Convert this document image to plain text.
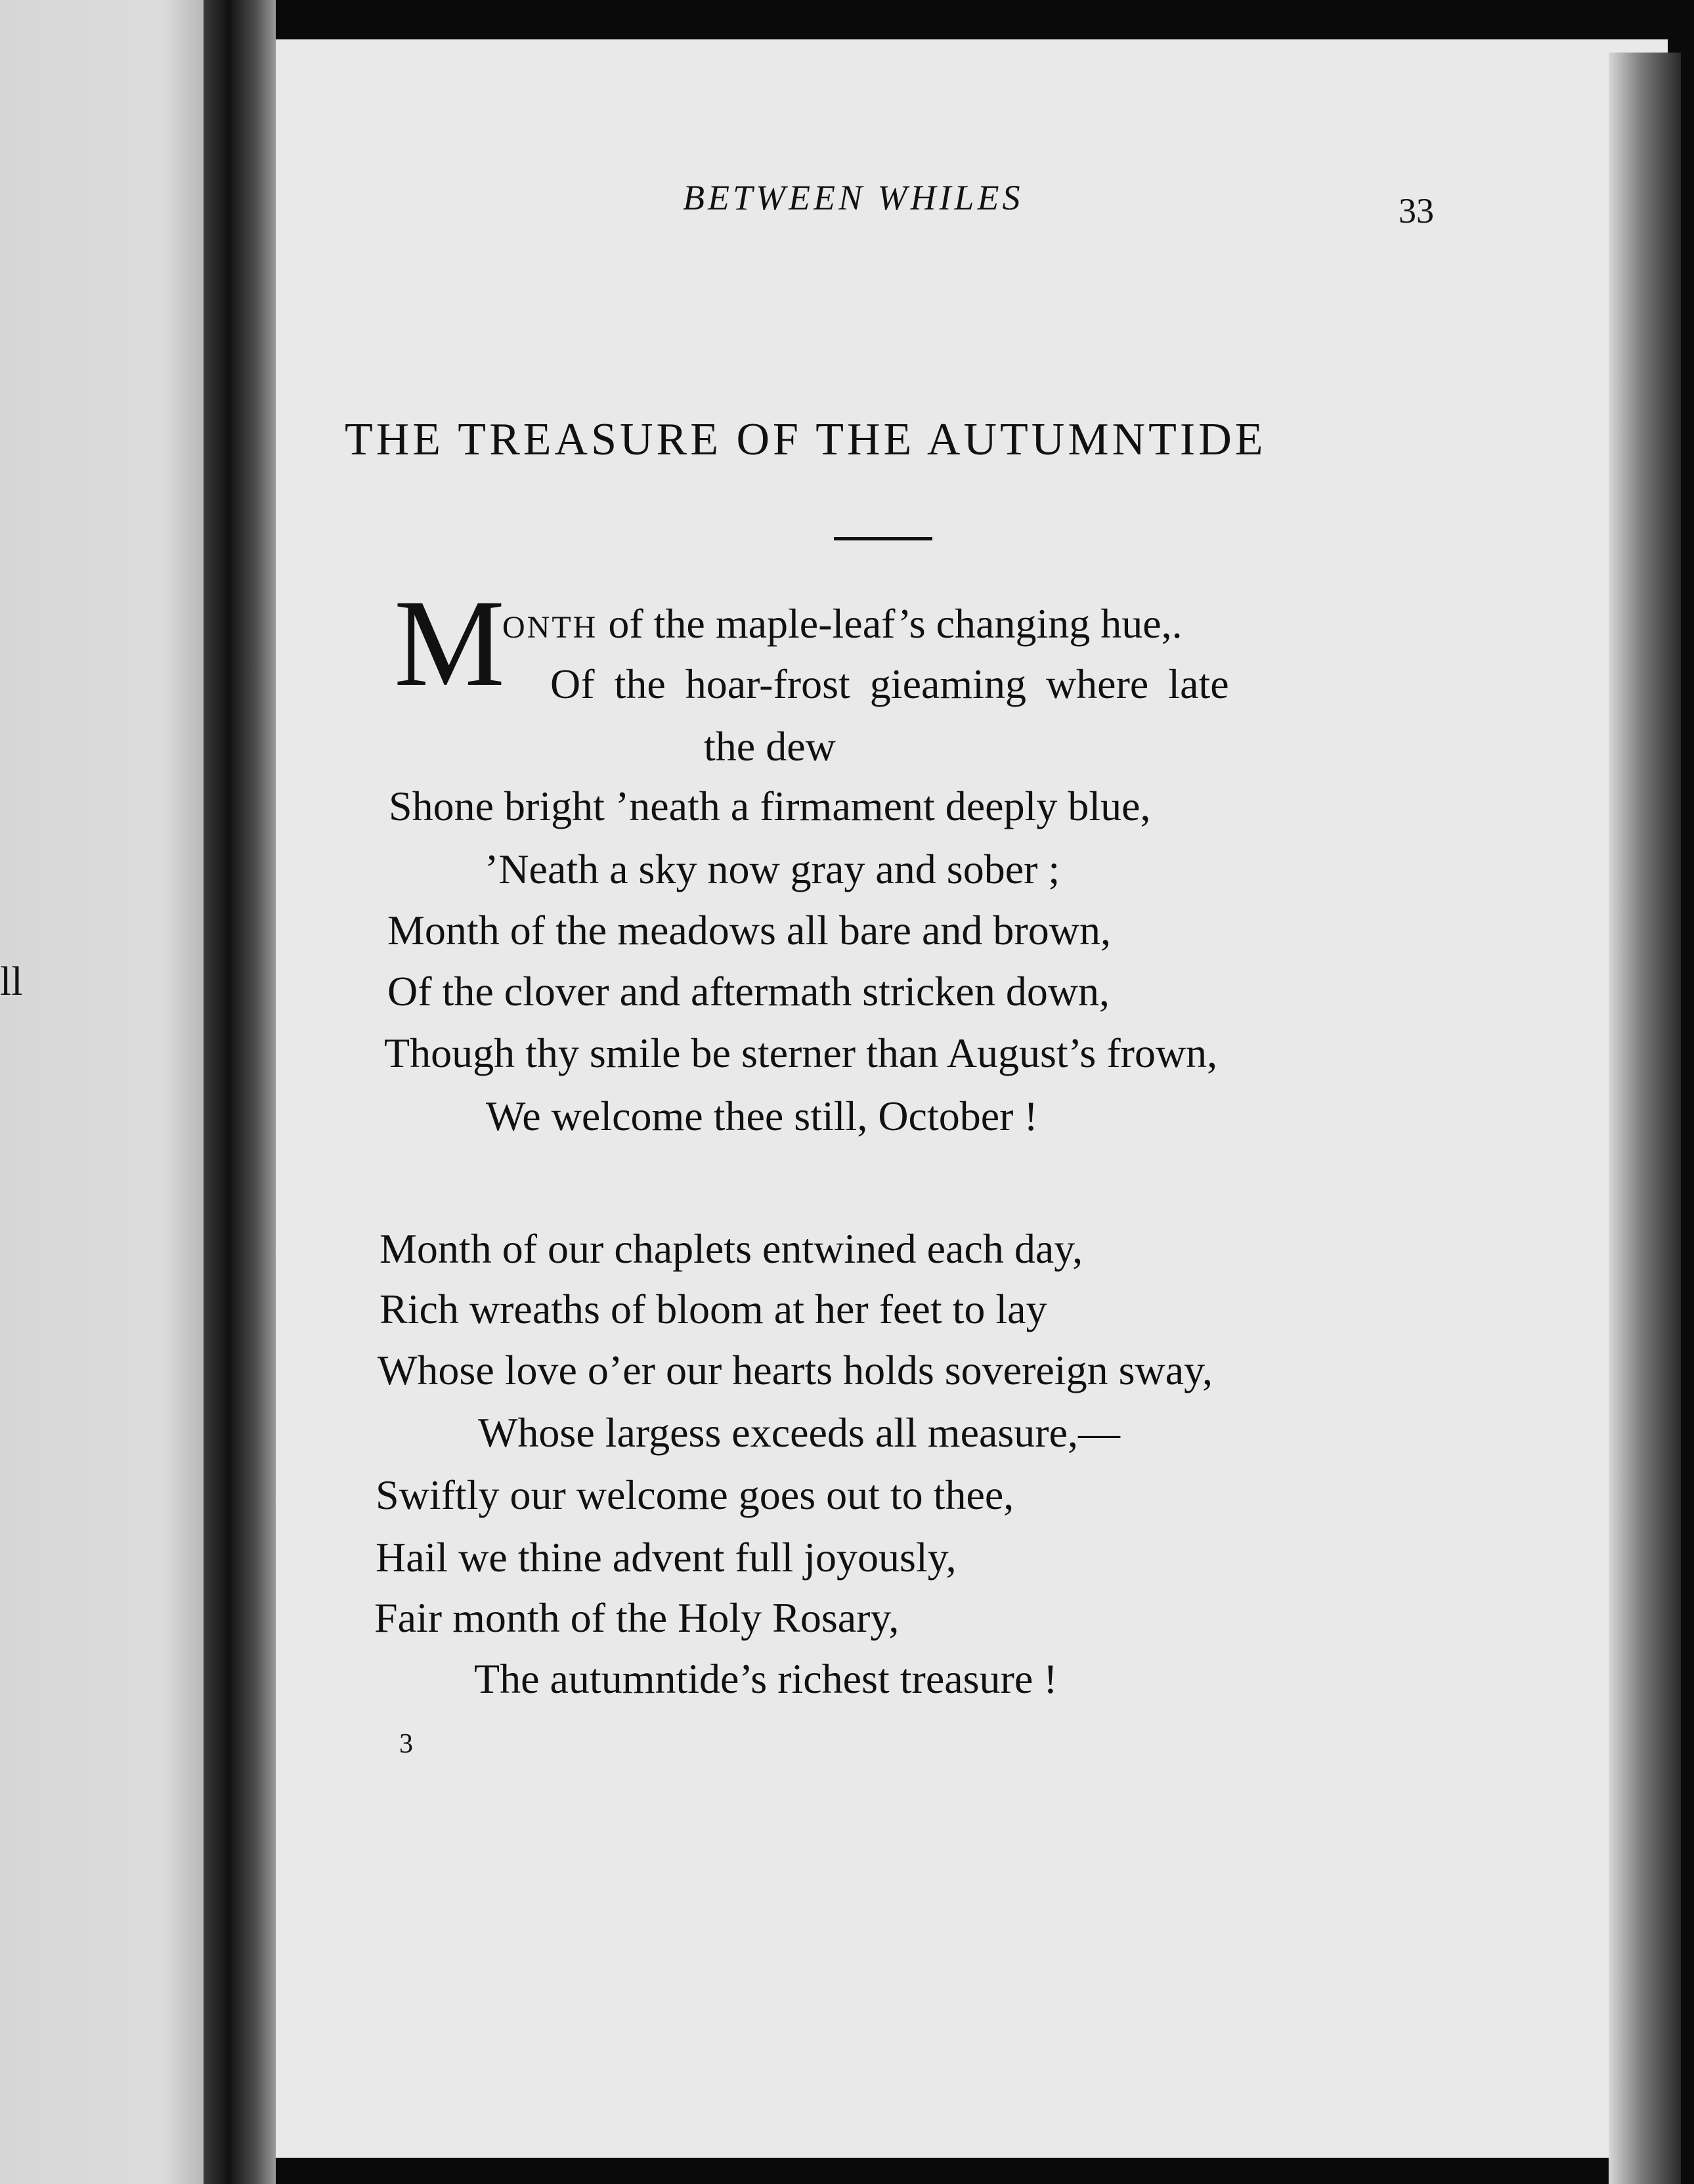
ll
BETWEEN WHILES	33
THE TREASURE OF THE AUTUMNTIDE
M
ONTH of the maple-leaf’s changing hue,.
Of the hoar-frost gieaming where late
the dew
Shone bright ’neath a firmament deeply blue,
’Neath a sky now gray and sober ;
Month of the meadows all bare and brown,
Of the clover and aftermath stricken down,
Though thy smile be sterner than August’s frown,
We welcome thee still, October !
Month of our chaplets entwined each day,
Rich wreaths of bloom at her feet to lay
Whose love o’er our hearts holds sovereign sway,
Whose largess exceeds all measure,—
Swiftly our welcome goes out to thee,
Hail we thine advent full joyously,
Fair month of the Holy Rosary,
The autumntide’s richest treasure !
3
